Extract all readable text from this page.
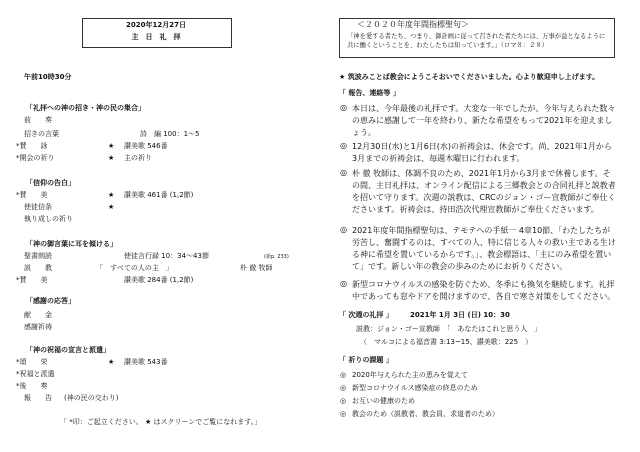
2020年12月27日
主　日　礼　拝
午前10時30分
「礼拝への神の招き・神の民の集合」
前　　奏
招きの言葉	詩　編 100：1～5
*賛　　詠	★ 讃美歌 546番
*開会の祈り	★ 主の祈り
「信仰の告白」
*賛　　美	★ 讃美歌 461番 (1,2節)
使徒信条	★
執り成しの祈り
「神の御言葉に耳を傾ける」
聖書朗読	使徒言行録 10：34～43節	(新p. 233)
説　　教	「　すべての人の主　」	朴 徹 牧師
*賛　　美	讃美歌 284番 (1,2節)
「感謝の応答」
献　　金
感謝祈祷
「神の祝福の宣言と派遣」
*頌　　栄	★ 讃美歌 543番
*祝福と派遣
*後　　奏
報　　告 (神の民の交わり)
「 *印：ご起立ください。 ★ はスクリーンでご覧になれます。」
＜２０２０年度年間指標聖句＞
「神を愛する者たち、つまり、御計画に従って召された者たちには、万事が益となるように共に働くということを、わたしたちは知っています。」（ロマ８：２８）
★ 筑波みことば教会にようこそおいでくださいました。心より歓迎申し上げます。
「 報告、連絡等 」
◎ 本日は、今年最後の礼拝です。大変な一年でしたが、今年与えられた数々の恵みに感謝して一年を終わり、新たな希望をもって2021年を迎えましょう。
◎ 12月30日(水)と1月6日(水)の祈祷会は、休会です。尚、2021年1月から3月までの祈祷会は、毎週木曜日に行われます。
◎ 朴 徹 牧師は、体調不良のため、2021年1月から3月まで休養します。その間、主日礼拝は、オンライン配信による三郷教会との合同礼拝と説教者を招いて守ります。次週の説教は、CRCのジョン・ゴー宣教師がご奉仕くださいます。祈祷会は、持田浩次代理宣教師がご奉仕くださいます。
◎ 2021年度年間指標聖句は、テモテへの手紙一 4章10節、「わたしたちが労苦し、奮闘するのは、すべての人、特に信じる人々の救い主である生ける神に希望を置いているからです。」、教会標語は、「主にのみ希望を置いて」です。新しい年の教会の歩みのためにお祈りください。
◎ 新型コロナウイルスの感染を防ぐため、冬季にも換気を継続します。礼拝中であっても窓やドアを開けますので、各自で寒さ対策をしてください。
「 次週の礼拝 」 2021年 1月 3日 (日) 10：30
説教：ジョン・ゴー宣教師　「　あなたはこれと思う人　」
（　マルコによる福音書 3:13~15、讃美歌：225　）
「 祈りの課題 」
◎ 2020年与えられた主の恵みを覚えて
◎ 新型コロナウイルス感染症の終息のため
◎ お互いの健康のため
◎ 教会のため（説教者、教会員、求道者のため）
